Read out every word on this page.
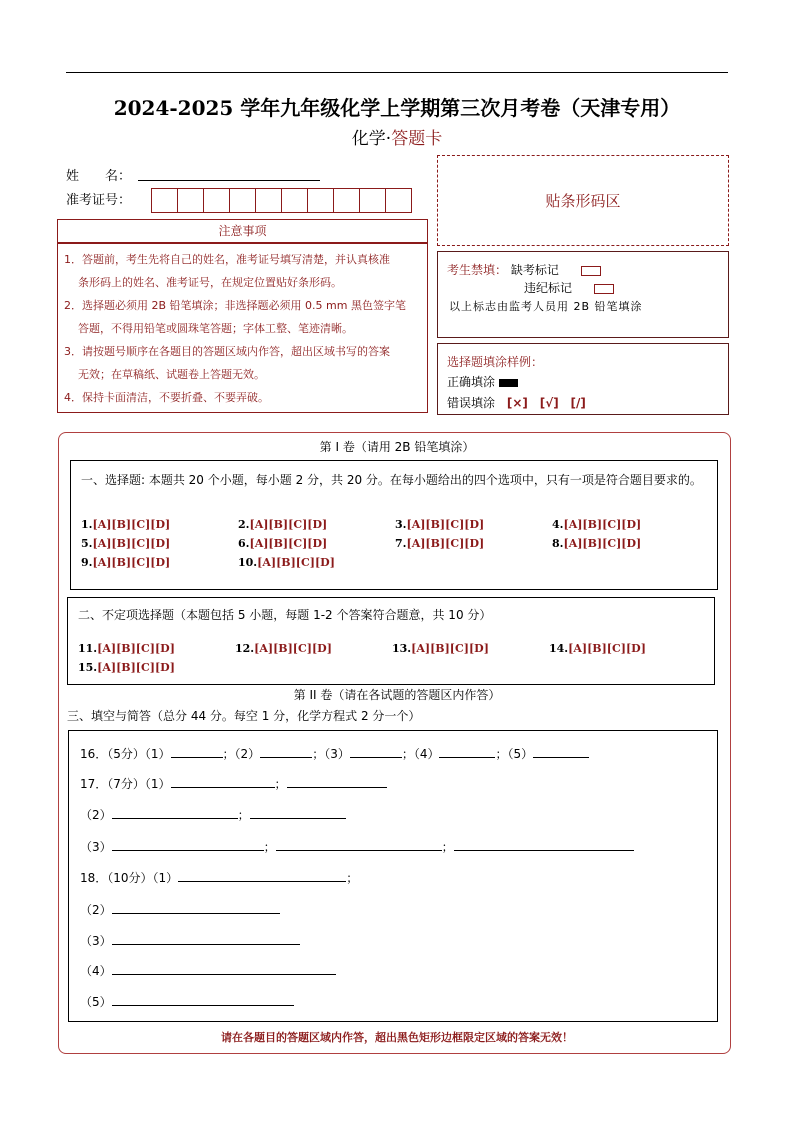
2024-2025 学年九年级化学上学期第三次月考卷（天津专用）
化学·答题卡
姓　　名：
准考证号：	贴条形码区
注意事项

1．答题前，考生先将自己的姓名，准考证号填写清楚，并认真核准

条形码上的姓名、准考证号，在规定位置贴好条形码。

2．选择题必须用 2B 铅笔填涂；非选择题必须用 0.5 mm 黑色签字笔

答题，不得用铅笔或圆珠笔答题；字体工整、笔迹清晰。

3．请按题号顺序在各题目的答题区域内作答，超出区域书写的答案

无效；在草稿纸、试题卷上答题无效。

4．保持卡面清洁，不要折叠、不要弄破。

考生禁填： 缺考标记
违纪标记
以上标志由监考人员用 2B 铅笔填涂
选择题填涂样例：
正确填涂
错误填涂 [×] [√] [/]
第 I 卷（请用 2B 铅笔填涂）
一、选择题: 本题共 20 个小题，每小题 2 分，共 20 分。在每小题给出的四个选项中，只有一项是符合题目要求的。
1.[A][B][C][D]	2.[A][B][C][D]	3.[A][B][C][D]	4.[A][B][C][D]
5.[A][B][C][D]	6.[A][B][C][D]	7.[A][B][C][D]	8.[A][B][C][D]
9.[A][B][C][D]	10.[A][B][C][D]
二、不定项选择题（本题包括 5 小题，每题 1-2 个答案符合题意，共 10 分）
11.[A][B][C][D]	12.[A][B][C][D]	13.[A][B][C][D]	14.[A][B][C][D]
15.[A][B][C][D]
第 II 卷（请在各试题的答题区内作答）
三、填空与简答（总分 44 分。每空 1 分，化学方程式 2 分一个）
16．（5分）（1）	；（2）	；（3）	；（4）	；（5）
17．（7分）（1）	；
（2）	；
（3）	；	；
18．（10分）（1）	；
（2）
（3）
（4）
（5）
请在各题目的答题区域内作答，超出黑色矩形边框限定区域的答案无效！
